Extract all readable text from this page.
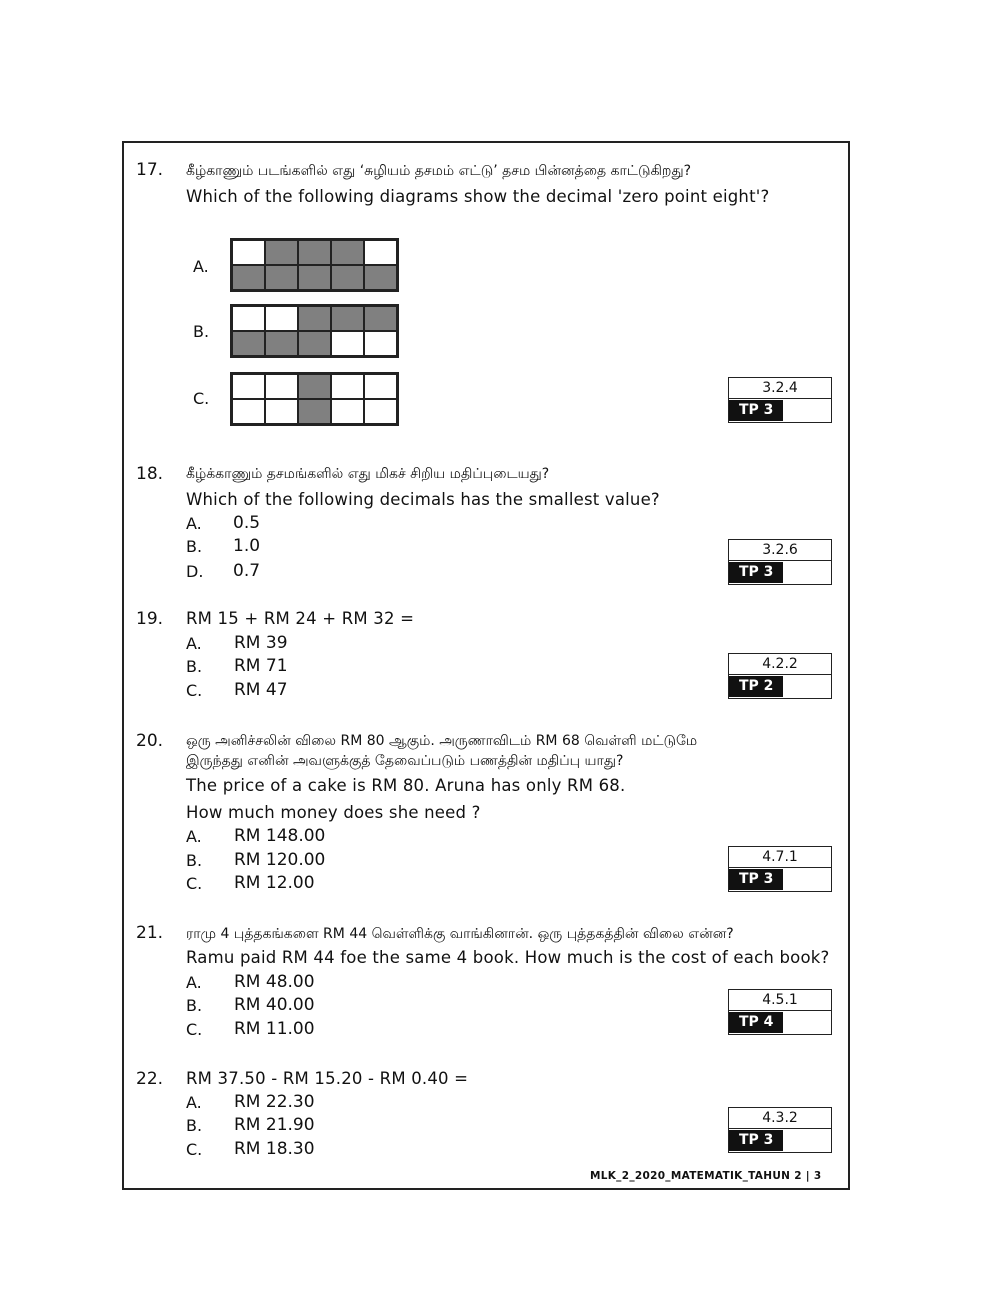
17. கீழ்காணும் படங்களில் எது ‘சுழியம் தசமம் எட்டு’ தசம பின்னத்தை காட்டுகிறது?
Which of the following diagrams show the decimal 'zero point eight'?
A.
B.
C.
3.2.4
TP 3
18. கீழ்க்காணும் தசமங்களில் எது மிகச் சிறிய மதிப்புடையது?
Which of the following decimals has the smallest value?
A. 0.5
B. 1.0
D. 0.7
3.2.6
TP 3
19. RM 15 + RM 24 + RM 32 =
A. RM 39
B. RM 71
C. RM 47
4.2.2
TP 2
20. ஒரு அனிச்சலின் விலை RM 80 ஆகும். அருணாவிடம் RM 68 வெள்ளி மட்டுமே
இருந்தது எனின் அவளுக்குத் தேவைப்படும் பணத்தின் மதிப்பு யாது?
The price of a cake is RM 80. Aruna has only RM 68.
How much money does she need ?
A. RM 148.00
B. RM 120.00
C. RM 12.00
4.7.1
TP 3
21. ராமு 4 புத்தகங்களை RM 44 வெள்ளிக்கு வாங்கினான். ஒரு புத்தகத்தின் விலை என்ன?
Ramu paid RM 44 foe the same 4 book. How much is the cost of each book?
A. RM 48.00
B. RM 40.00
C. RM 11.00
4.5.1
TP 4
22. RM 37.50 - RM 15.20 - RM 0.40 =
A. RM 22.30
B. RM 21.90
C. RM 18.30
4.3.2
TP 3
MLK_2_2020_MATEMATIK_TAHUN 2 | 3
